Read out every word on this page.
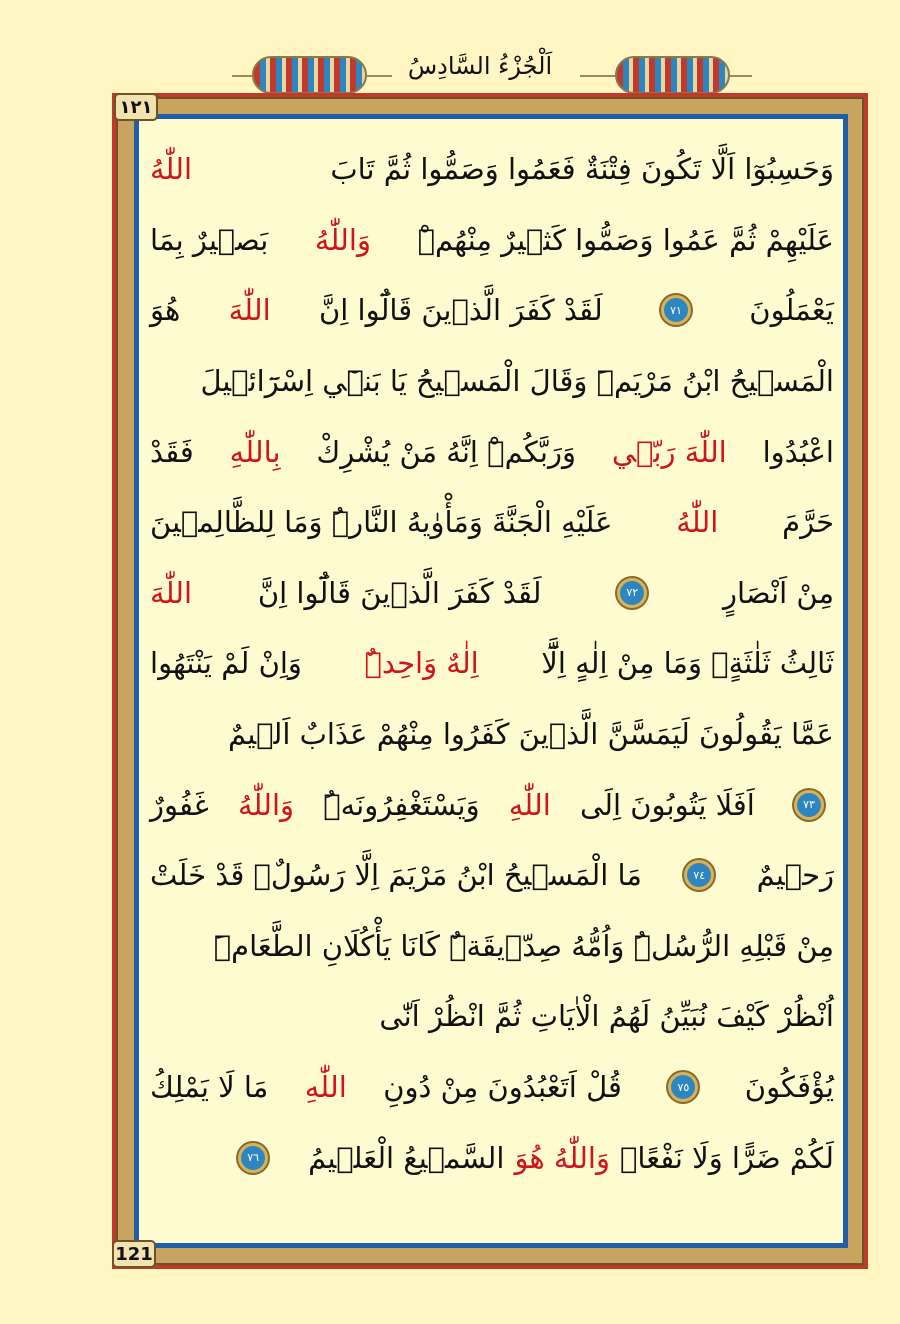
اَلْجُزْءُ السَّادِسُ
١٢١
121
وَحَسِبُوٓا اَلَّا تَكُونَ فِتْنَةٌ فَعَمُوا وَصَمُّوا ثُمَّ تَابَ
اللّٰهُ
عَلَيْهِمْ ثُمَّ عَمُوا وَصَمُّوا كَث۪يرٌ مِنْهُمْۜ
وَاللّٰهُ
بَص۪يرٌ بِمَا
يَعْمَلُونَ
٧١
لَقَدْ كَفَرَ الَّذ۪ينَ قَالُٓوا اِنَّ
اللّٰهَ
هُوَ
الْمَس۪يحُ ابْنُ مَرْيَمَۜ وَقَالَ الْمَس۪يحُ يَا بَن۪ٓي اِسْرَٓائ۪يلَ
اعْبُدُوا
اللّٰهَ رَبّ۪ي
وَرَبَّكُمْۜ اِنَّهُ مَنْ يُشْرِكْ
بِاللّٰهِ
فَقَدْ
حَرَّمَ
اللّٰهُ
عَلَيْهِ الْجَنَّةَ وَمَأْوٰيهُ النَّارُۜ وَمَا لِلظَّالِم۪ينَ
مِنْ اَنْصَارٍ
٧٢
لَقَدْ كَفَرَ الَّذ۪ينَ قَالُٓوا اِنَّ
اللّٰهَ
ثَالِثُ ثَلٰثَةٍۢ وَمَا مِنْ اِلٰهٍ اِلَّٓا
اِلٰهٌ وَاحِدٌۜ
وَاِنْ لَمْ يَنْتَهُوا
عَمَّا يَقُولُونَ لَيَمَسَّنَّ الَّذ۪ينَ كَفَرُوا مِنْهُمْ عَذَابٌ اَل۪يمٌ
٧٣
اَفَلَا يَتُوبُونَ اِلَى
اللّٰهِ
وَيَسْتَغْفِرُونَهُۜ
وَاللّٰهُ
غَفُورٌ
رَح۪يمٌ
٧٤
مَا الْمَس۪يحُ ابْنُ مَرْيَمَ اِلَّا رَسُولٌۚ قَدْ خَلَتْ
مِنْ قَبْلِهِ الرُّسُلُۜ وَاُمُّهُ صِدّ۪يقَةٌۜ كَانَا يَأْكُلَانِ الطَّعَامَۜ
اُنْظُرْ كَيْفَ نُبَيِّنُ لَهُمُ الْاٰيَاتِ ثُمَّ انْظُرْ اَنّٰى
يُؤْفَكُونَ
٧٥
قُلْ اَتَعْبُدُونَ مِنْ دُونِ
اللّٰهِ
مَا لَا يَمْلِكُ
لَكُمْ ضَرًّا وَلَا نَفْعًاۜ
وَاللّٰهُ هُوَ
السَّم۪يعُ الْعَل۪يمُ
٧٦
